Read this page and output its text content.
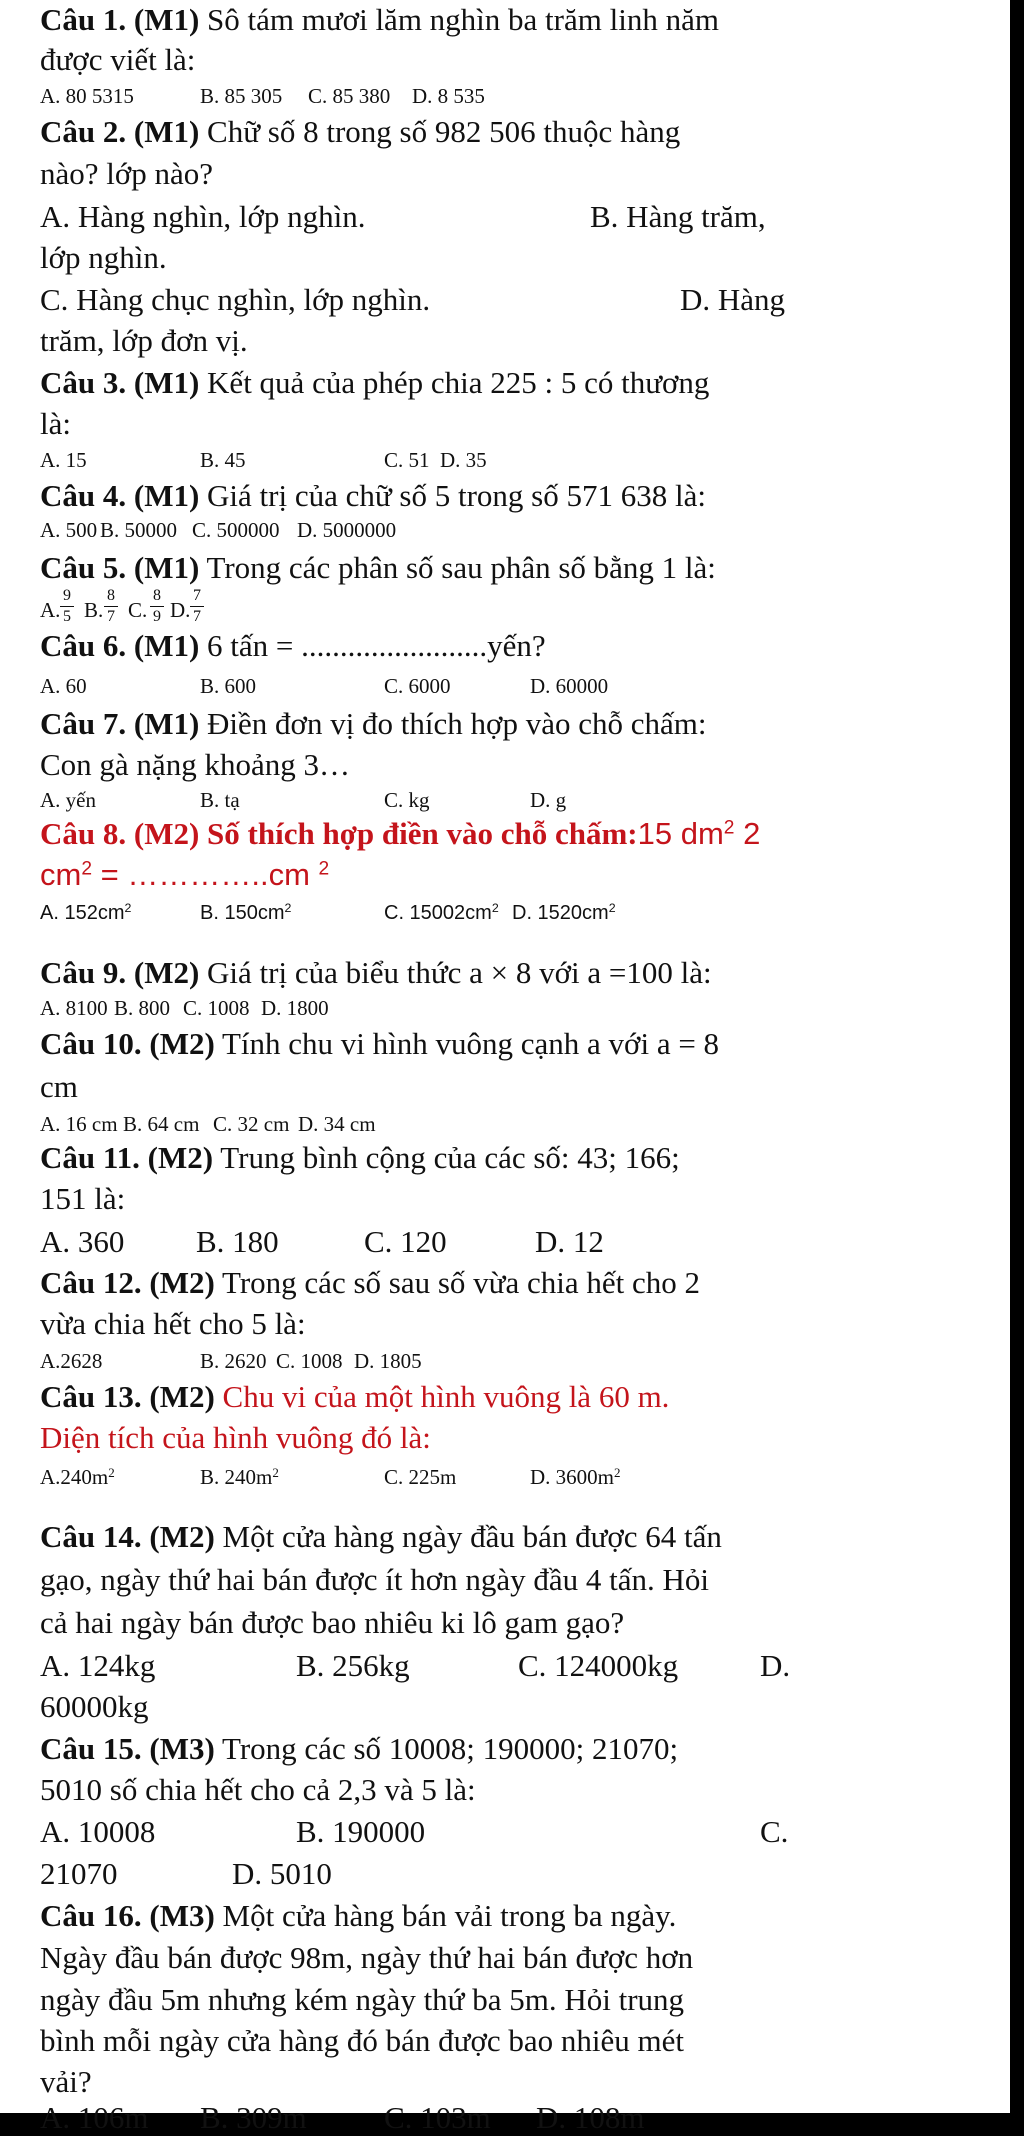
Câu 1. (M1) Sô tám mươi lăm nghìn ba trăm linh năm
được viết là:
A. 80 5315	B. 85 305 C. 85 380 D. 8 535
Câu 2. (M1) Chữ số 8 trong số 982 506 thuộc hàng
nào? lớp nào?
A. Hàng nghìn, lớp nghìn.	B. Hàng trăm,
lớp nghìn.
C. Hàng chục nghìn, lớp nghìn.	D. Hàng
trăm, lớp đơn vị.
Câu 3. (M1) Kết quả của phép chia 225 : 5 có thương
là:
A. 15	B. 45	C. 51 D. 35
Câu 4. (M1) Giá trị của chữ số 5 trong số 571 638 là:
A. 500 B. 50000 C. 500000 D. 5000000
Câu 5. (M1) Trong các phân số sau phân số bằng 1 là:
A.
9
5 B.
8
7 C.
8
9 D.
7
7
Câu 6. (M1) 6 tấn = ........................yến?
A. 60	B. 600	C. 6000	D. 60000
Câu 7. (M1) Điền đơn vị đo thích hợp vào chỗ chấm:
Con gà nặng khoảng 3…
A. yến	B. tạ	C. kg	D. g
Câu 8. (M2) Số thích hợp điền vào chỗ chấm:15 $dm^2$ 2
$cm^2$ = …………..cm $^2$
A. $152cm^2$	B. $150cm^2$	C. $15002cm^2$ D. $1520cm^2$
Câu 9. (M2) Giá trị của biểu thức a × 8 với a =100 là:
A. 8100 B. 800 C. 1008 D. 1800
Câu 10. (M2) Tính chu vi hình vuông cạnh a với a = 8
cm
A. 16 cm B. 64 cm C. 32 cm D. 34 cm
Câu 11. (M2) Trung bình cộng của các số: 43; 166;
151 là:
A. 360 B. 180	C. 120	D. 12
Câu 12. (M2) Trong các số sau số vừa chia hết cho 2
vừa chia hết cho 5 là:
A.2628	B. 2620 C. 1008 D. 1805
Câu 13. (M2) Chu vi của một hình vuông là 60 m.
Diện tích của hình vuông đó là:
$A.240m^2$	B. $240m^2$	C. 225m	D. $3600m^2$
Câu 14. (M2) Một cửa hàng ngày đầu bán được 64 tấn
gạo, ngày thứ hai bán được ít hơn ngày đầu 4 tấn. Hỏi
cả hai ngày bán được bao nhiêu ki lô gam gạo?
A. 124kg	B. 256kg	C. 124000kg	D.
60000kg
Câu 15. (M3) Trong các số 10008; 190000; 21070;
5010 số chia hết cho cả 2,3 và 5 là:
A. 10008	B. 190000	C.
21070	D. 5010
Câu 16. (M3) Một cửa hàng bán vải trong ba ngày.
Ngày đầu bán được 98m, ngày thứ hai bán được hơn
ngày đầu 5m nhưng kém ngày thứ ba 5m. Hỏi trung
bình mỗi ngày cửa hàng đó bán được bao nhiêu mét
vải?
A. 106m B. 309m C. 103m D. 108m
